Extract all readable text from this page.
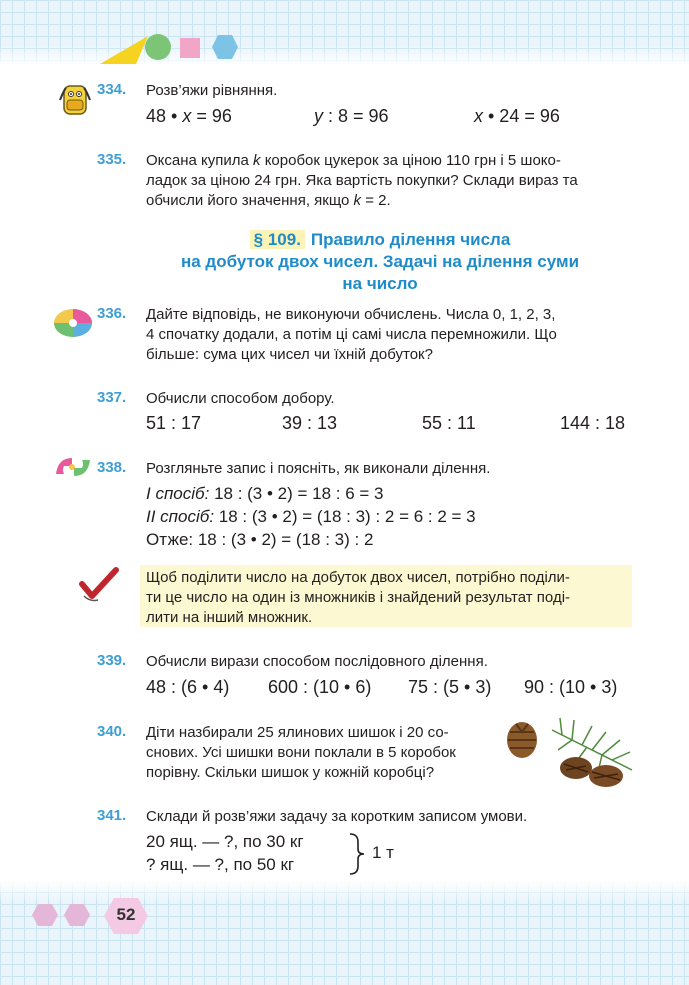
334. Розв’яжи рівняння.
48 • x = 96	y : 8 = 96	x • 24 = 96
335. Оксана купила k коробок цукерок за ціною 110 грн і 5 шоко-
ладок за ціною 24 грн. Яка вартість покупки? Склади вираз та
обчисли його значення, якщо k = 2.
§ 109. Правило ділення числа
на добуток двох чисел. Задачі на ділення суми
на число
336. Дайте відповідь, не виконуючи обчислень. Числа 0, 1, 2, 3,
4 спочатку додали, а потім ці самі числа перемножили. Що
більше: сума цих чисел чи їхній добуток?
337. Обчисли способом добору.
51 : 17	39 : 13	55 : 11	144 : 18
338. Розгляньте запис і поясніть, як виконали ділення.
I спосіб: 18 : (3 • 2) = 18 : 6 = 3
II спосіб: 18 : (3 • 2) = (18 : 3) : 2 = 6 : 2 = 3
Отже: 18 : (3 • 2) = (18 : 3) : 2
Щоб поділити число на добуток двох чисел, потрібно поділи-
ти це число на один із множників і знайдений результат поді-
лити на інший множник.
339. Обчисли вирази способом послідовного ділення.
48 : (6 • 4) 600 : (10 • 6) 75 : (5 • 3) 90 : (10 • 3)
340. Діти назбирали 25 ялинових шишок і 20 со-
снових. Усі шишки вони поклали в 5 коробок
порівну. Скільки шишок у кожній коробці?
341. Склади й розв’яжи задачу за коротким записом умови.
20 ящ. — ?, по 30 кг
? ящ. — ?, по 50 кг
1 т
52
